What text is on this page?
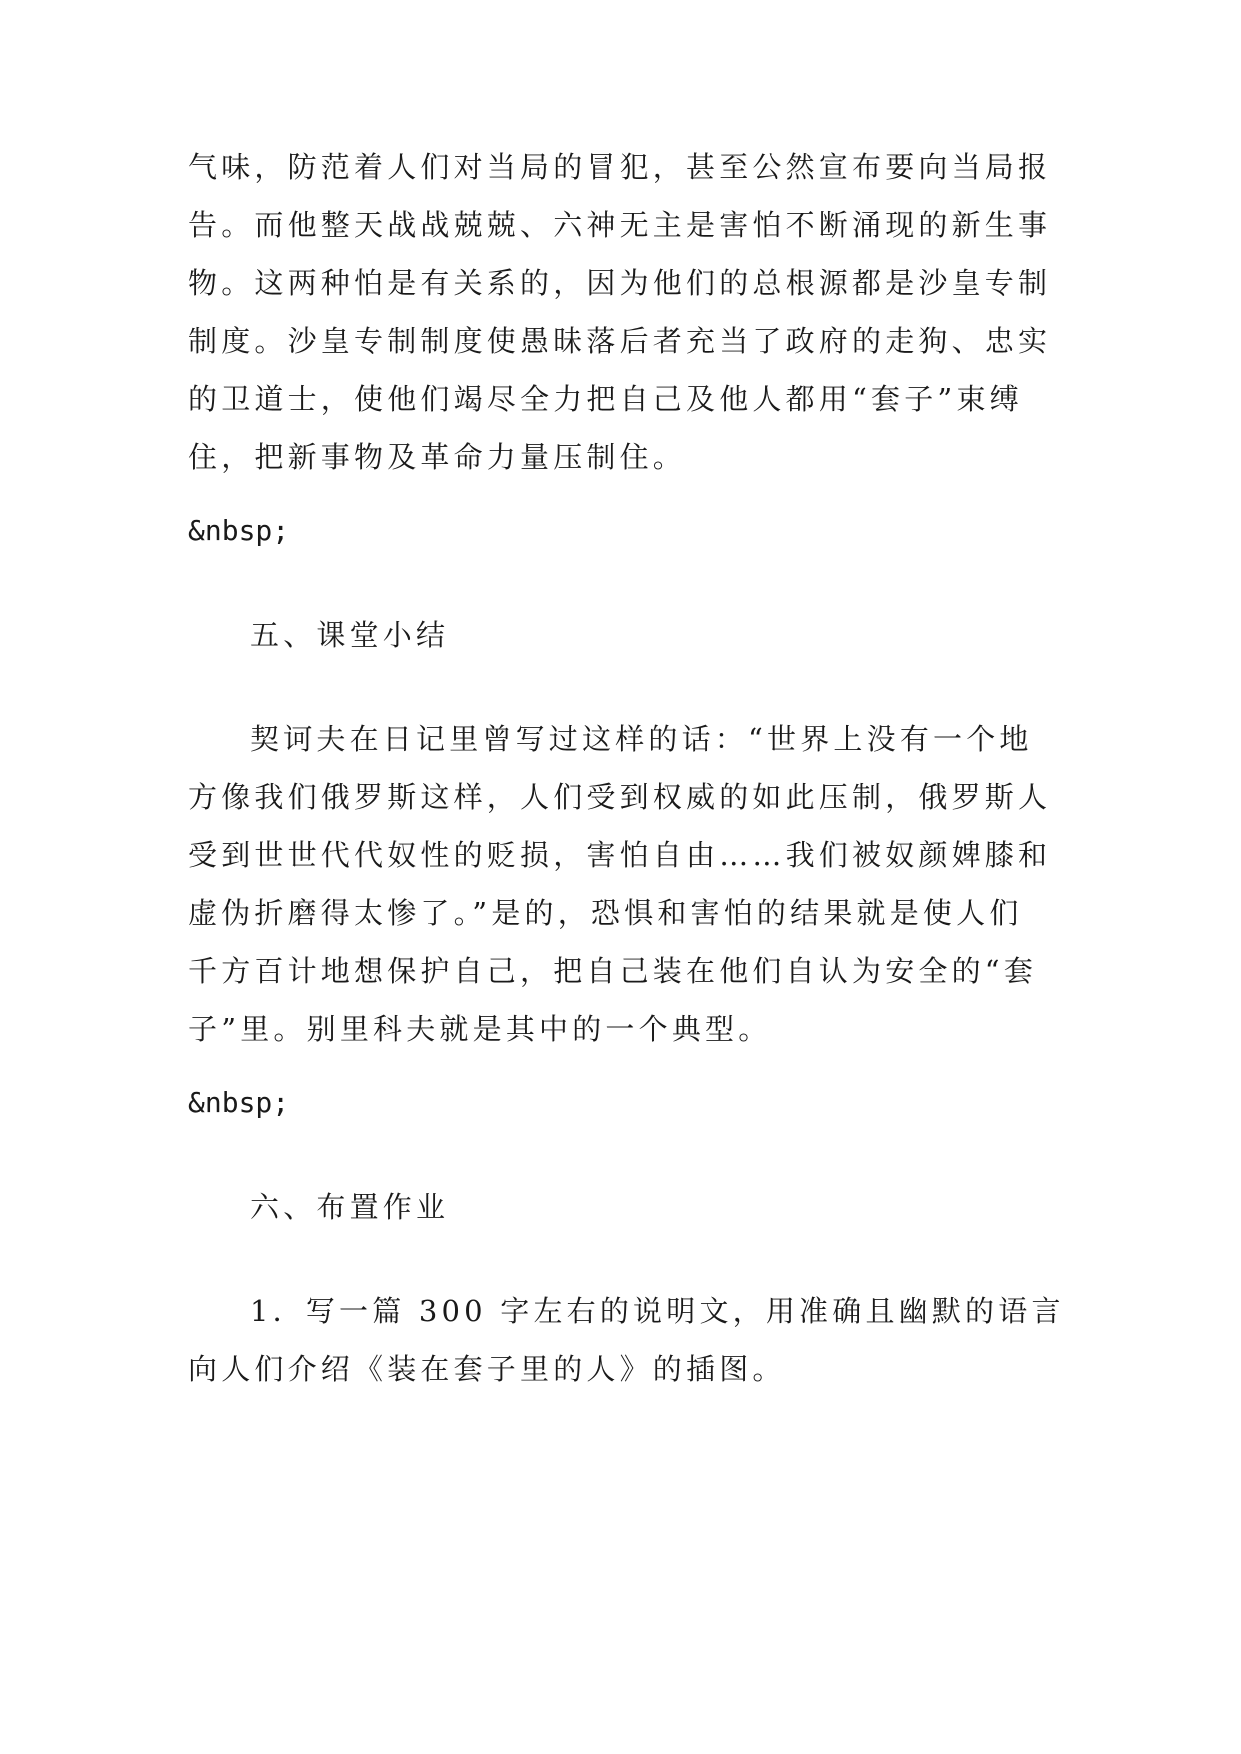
气味，防范着人们对当局的冒犯，甚至公然宣布要向当局报
告。而他整天战战兢兢、六神无主是害怕不断涌现的新生事
物。这两种怕是有关系的，因为他们的总根源都是沙皇专制
制度。沙皇专制制度使愚昧落后者充当了政府的走狗、忠实
的卫道士，使他们竭尽全力把自己及他人都用“套子”束缚
住，把新事物及革命力量压制住。
&nbsp;
五、课堂小结
契诃夫在日记里曾写过这样的话：“世界上没有一个地
方像我们俄罗斯这样，人们受到权威的如此压制，俄罗斯人
受到世世代代奴性的贬损，害怕自由……我们被奴颜婢膝和
虚伪折磨得太惨了。”是的，恐惧和害怕的结果就是使人们
千方百计地想保护自己，把自己装在他们自认为安全的“套
子”里。别里科夫就是其中的一个典型。
&nbsp;
六、布置作业
1．写一篇 300 字左右的说明文，用准确且幽默的语言
向人们介绍《装在套子里的人》的插图。
